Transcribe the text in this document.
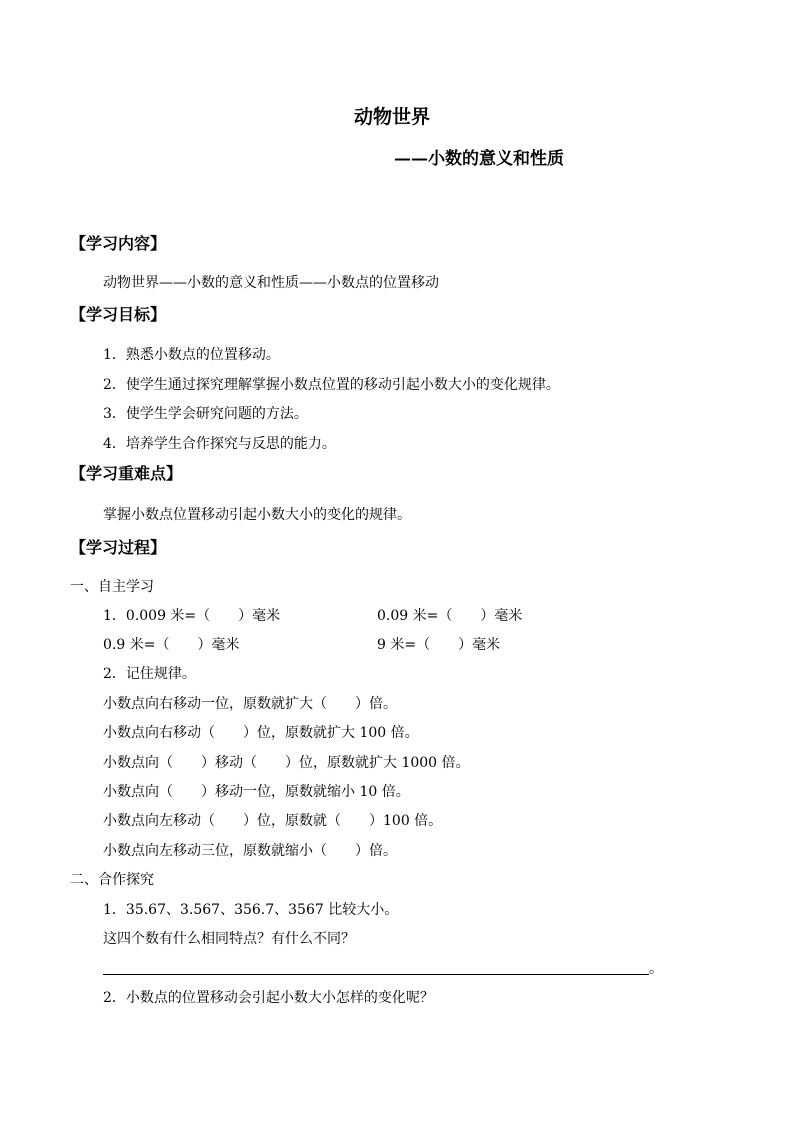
动物世界
——小数的意义和性质
【学习内容】
动物世界——小数的意义和性质——小数点的位置移动
【学习目标】
1．熟悉小数点的位置移动。
2．使学生通过探究理解掌握小数点位置的移动引起小数大小的变化规律。
3．使学生学会研究问题的方法。
4．培养学生合作探究与反思的能力。
【学习重难点】
掌握小数点位置移动引起小数大小的变化的规律。
【学习过程】
一、自主学习
1．0.009 米=（　　）毫米	0.09 米=（　　）毫米
0.9 米=（　　）毫米	9 米=（　　）毫米
2．记住规律。
小数点向右移动一位，原数就扩大（　　）倍。
小数点向右移动（　　）位，原数就扩大 100 倍。
小数点向（　　）移动（　　）位，原数就扩大 1000 倍。
小数点向（　　）移动一位，原数就缩小 10 倍。
小数点向左移动（　　）位，原数就（　　）100 倍。
小数点向左移动三位，原数就缩小（　　）倍。
二、合作探究
1．35.67、3.567、356.7、3567 比较大小。
这四个数有什么相同特点？有什么不同？
。
2．小数点的位置移动会引起小数大小怎样的变化呢？
